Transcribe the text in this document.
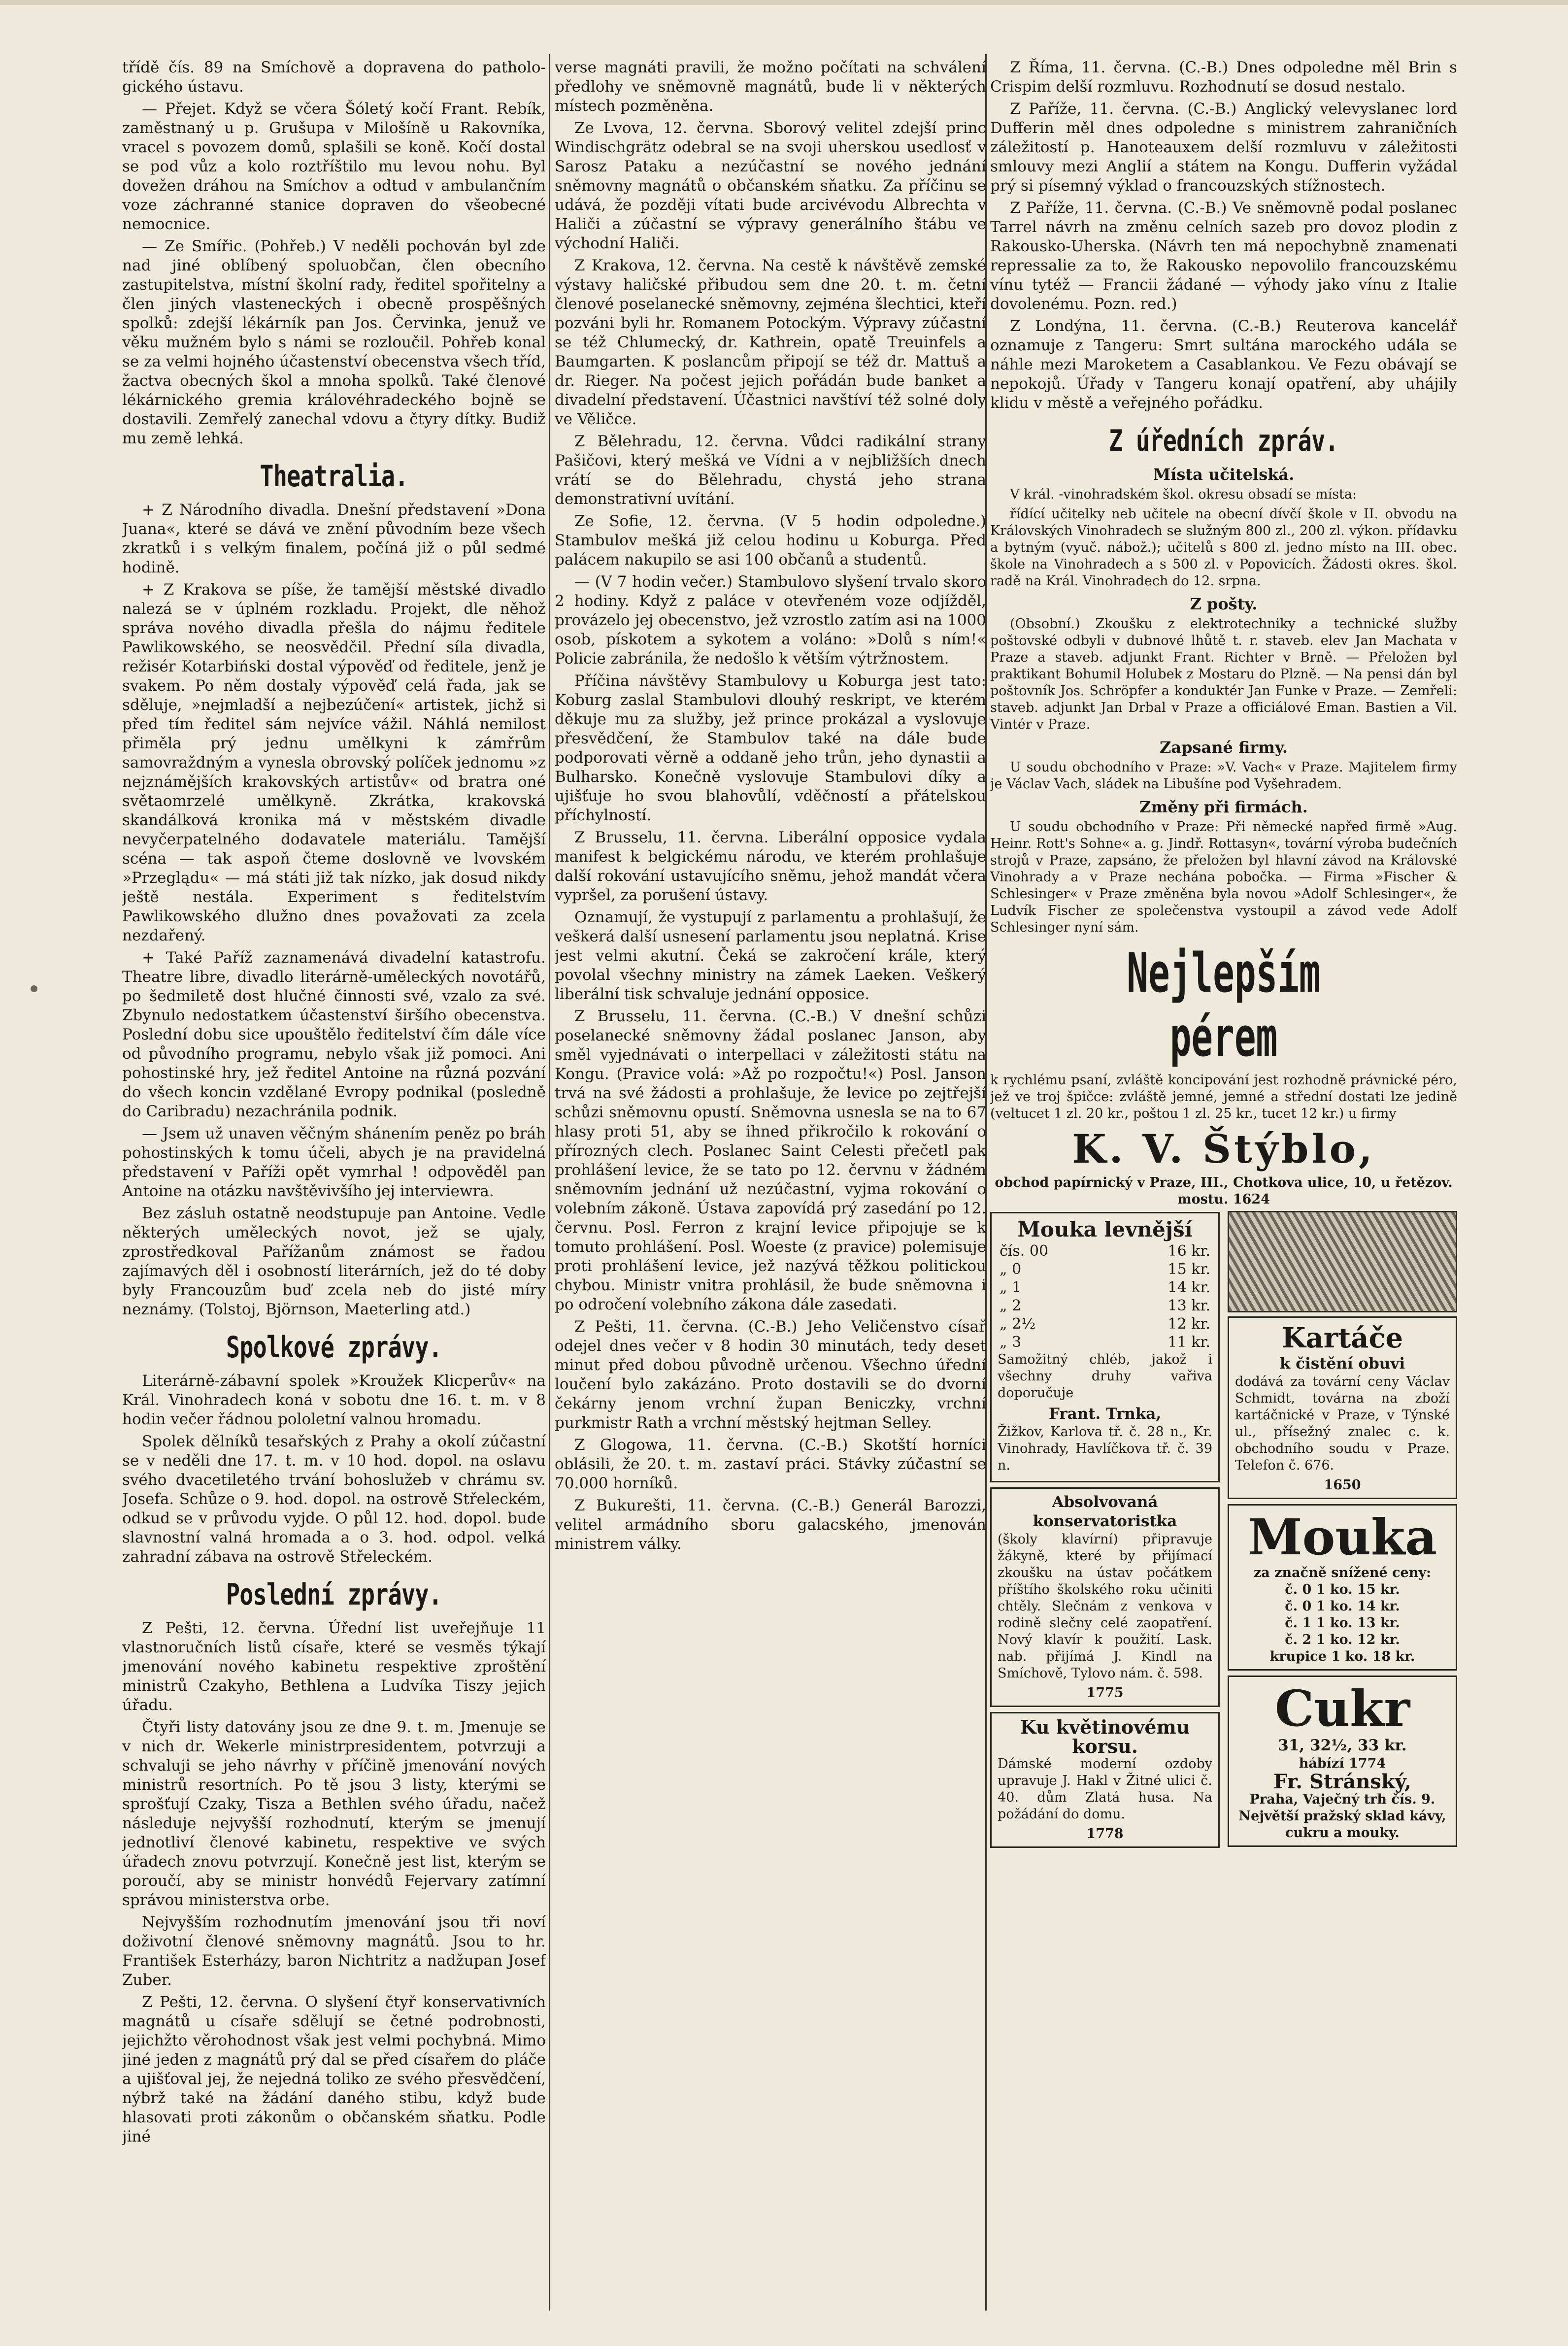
třídě čís. 89 na Smíchově a dopravena do patholo-gického ústavu.

— Přejet. Když se včera Šóletý kočí Frant. Rebík, zaměstnaný u p. Grušupa v Milošíně u Rakovníka, vracel s povozem domů, splašili se koně. Kočí dostal se pod vůz a kolo roztříštilo mu levou nohu. Byl dovežen dráhou na Smíchov a odtud v ambulančním voze záchranné stanice dopraven do všeobecné nemocnice.

— Ze Smířic. (Pohřeb.) V neděli pochován byl zde nad jiné oblíbený spoluobčan, člen obecního zastupitelstva, místní školní rady, ředitel spořitelny a člen jiných vlasteneckých i obecně prospěšných spolků: zdejší lékárník pan Jos. Červinka, jenuž ve věku mužném bylo s námi se rozloučil. Pohřeb konal se za velmi hojného účastenství obecenstva všech tříd, žactva obecných škol a mnoha spolků. Také členové lékárnického gremia královéhradeckého bojně se dostavili. Zemřelý zanechal vdovu a čtyry dítky. Budiž mu země lehká.

Theatralia.

+ Z Národního divadla. Dnešní představení »Dona Juana«, které se dává ve znění původním beze všech zkratků i s velkým finalem, počíná již o půl sedmé hodině.

+ Z Krakova se píše, že tamější městské divadlo nalezá se v úplném rozkladu. Projekt, dle něhož správa nového divadla přešla do nájmu ředitele Pawlikowského, se neosvědčil. Přední síla divadla, režisér Kotarbiński dostal výpověď od ředitele, jenž je svakem. Po něm dostaly výpověď celá řada, jak se sděluje, »nejmladší a nejbezúčení« artistek, jichž si před tím ředitel sám nejvíce vážil. Náhlá nemilost přiměla prý jednu umělkyni k zámřrům samovraždným a vynesla obrovský políček jednomu »z nejznámějších krakovských artistův« od bratra oné světaomrzelé umělkyně. Zkrátka, krakovská skandálková kronika má v městském divadle nevyčerpatelného dodavatele materiálu. Tamější scéna — tak aspoň čteme doslovně ve lvovském »Przeglądu« — má státi již tak nízko, jak dosud nikdy ještě nestála. Experiment s ředitelstvím Pawlikowského dlužno dnes považovati za zcela nezdařený.

+ Také Paříž zaznamenává divadelní katastrofu. Theatre libre, divadlo literárně-uměleckých novotářů, po šedmiletě dost hlučné činnosti své, vzalo za své. Zbynulo nedostatkem účastenství širšího obecenstva. Poslední dobu sice upouštělo ředitelství čím dále více od původního programu, nebylo však již pomoci. Ani pohostinské hry, jež ředitel Antoine na různá pozvání do všech koncin vzdělané Evropy podnikal (posledně do Caribradu) nezachránila podnik.

— Jsem už unaven věčným shánením peněz po bráh pohostinských k tomu účeli, abych je na pravidelná představení v Paříži opět vymrhal ! odpověděl pan Antoine na otázku navštěvivšího jej interviewra.

Bez zásluh ostatně neodstupuje pan Antoine. Vedle některých uměleckých novot, jež se ujaly, zprostředkoval Pařížanům známost se řadou zajímavých děl i osobností literárních, jež do té doby byly Francouzům buď zcela neb do jisté míry neznámy. (Tolstoj, Björnson, Maeterling atd.)

Spolkové zprávy.

Literárně-zábavní spolek »Kroužek Klicperův« na Král. Vinohradech koná v sobotu dne 16. t. m. v 8 hodin večer řádnou pololetní valnou hromadu.

Spolek dělníků tesařských z Prahy a okolí zúčastní se v neděli dne 17. t. m. v 10 hod. dopol. na oslavu svého dvacetiletého trvání bohoslužeb v chrámu sv. Josefa. Schůze o 9. hod. dopol. na ostrově Střeleckém, odkud se v průvodu vyjde. O půl 12. hod. dopol. bude slavnostní valná hromada a o 3. hod. odpol. velká zahradní zábava na ostrově Střeleckém.

Poslední zprávy.

Z Pešti, 12. června. Úřední list uveřejňuje 11 vlastnoručních listů císaře, které se vesměs týkají jmenování nového kabinetu respektive zproštění ministrů Czakyho, Bethlena a Ludvíka Tiszy jejich úřadu.

Čtyři listy datovány jsou ze dne 9. t. m. Jmenuje se v nich dr. Wekerle ministrpresidentem, potvrzuji a schvaluji se jeho návrhy v příčině jmenování nových ministrů resortních. Po tě jsou 3 listy, kterými se sprošťují Czaky, Tisza a Bethlen svého úřadu, načež následuje nejvyšší rozhodnutí, kterým se jmenují jednotliví členové kabinetu, respektive ve svých úřadech znovu potvrzují. Konečně jest list, kterým se poroučí, aby se ministr honvédů Fejervary zatímní správou ministerstva orbe.

Nejvyšším rozhodnutím jmenování jsou tři noví doživotní členové sněmovny magnátů. Jsou to hr. František Esterházy, baron Nichtritz a nadžupan Josef Zuber.

Z Pešti, 12. června. O slyšení čtyř konservativních magnátů u císaře sdělují se četné podrobnosti, jejichžto věrohodnost však jest velmi pochybná. Mimo jiné jeden z magnátů prý dal se před císařem do pláče a ujišťoval jej, že nejedná toliko ze svého přesvědčení, nýbrž také na žádání daného stibu, když bude hlasovati proti zákonům o občanském sňatku. Podle jiné

verse magnáti pravili, že možno počítati na schválení předlohy ve sněmovně magnátů, bude li v některých místech pozměněna.

Ze Lvova, 12. června. Sborový velitel zdejší princ Windischgrätz odebral se na svoji uherskou usedlosť v Sarosz Pataku a nezúčastní se nového jednání sněmovny magnátů o občanském sňatku. Za příčinu se udává, že později vítati bude arcivévodu Albrechta v Haliči a zúčastní se výpravy generálního štábu ve východní Haliči.

Z Krakova, 12. června. Na cestě k návštěvě zemské výstavy haličské přibudou sem dne 20. t. m. četní členové poselanecké sněmovny, zejména šlechtici, kteří pozváni byli hr. Romanem Potockým. Výpravy zúčastní se též Chlumecký, dr. Kathrein, opatě Treuinfels a Baumgarten. K poslancům připojí se též dr. Mattuš a dr. Rieger. Na počest jejich pořádán bude banket a divadelní představení. Účastnici navštíví též solné doly ve Věličce.

Z Bělehradu, 12. června. Vůdci radikální strany Pašičovi, který mešká ve Vídni a v nejbližších dnech vrátí se do Bělehradu, chystá jeho strana demonstrativní uvítání.

Ze Sofie, 12. června. (V 5 hodin odpoledne.) Stambulov mešká již celou hodinu u Koburga. Před palácem nakupilo se asi 100 občanů a studentů.

— (V 7 hodin večer.) Stambulovo slyšení trvalo skoro 2 hodiny. Když z paláce v otevřeném voze odjížděl, provázelo jej obecenstvo, jež vzrostlo zatím asi na 1000 osob, pískotem a sykotem a voláno: »Dolů s ním!« Policie zabránila, že nedošlo k větším výtržnostem.

Příčina návštěvy Stambulovy u Koburga jest tato: Koburg zaslal Stambulovi dlouhý reskript, ve kterém děkuje mu za služby, jež prince prokázal a vyslovuje přesvědčení, že Stambulov také na dále bude podporovati věrně a oddaně jeho trůn, jeho dynastii a Bulharsko. Konečně vyslovuje Stambulovi díky a ujišťuje ho svou blahovůlí, vděčností a přátelskou příchylností.

Z Brusselu, 11. června. Liberální opposice vydala manifest k belgickému národu, ve kterém prohlašuje další rokování ustavujícího sněmu, jehož mandát včera vypršel, za porušení ústavy.

Oznamují, že vystupují z parlamentu a prohlašují, že veškerá další usnesení parlamentu jsou neplatná. Krise jest velmi akutní. Čeká se zakročení krále, který povolal všechny ministry na zámek Laeken. Veškerý liberální tisk schvaluje jednání opposice.

Z Brusselu, 11. června. (C.-B.) V dnešní schůzi poselanecké sněmovny žádal poslanec Janson, aby směl vyjednávati o interpellaci v záležitosti státu na Kongu. (Pravice volá: »Až po rozpočtu!«) Posl. Janson trvá na své žádosti a prohlašuje, že levice po zejtřejší schůzi sněmovnu opustí. Sněmovna usnesla se na to 67 hlasy proti 51, aby se ihned přikročilo k rokování o přírozných clech. Poslanec Saint Celesti přečetl pak prohlášení levice, že se tato po 12. červnu v žádném sněmovním jednání už nezúčastní, vyjma rokování o volebním zákoně. Ústava zapovídá prý zasedání po 12. červnu. Posl. Ferron z krajní levice připojuje se k tomuto prohlášení. Posl. Woeste (z pravice) polemisuje proti prohlášení levice, jež nazývá těžkou politickou chybou. Ministr vnitra prohlásil, že bude sněmovna i po odročení volebního zákona dále zasedati.

Z Pešti, 11. června. (C.-B.) Jeho Veličenstvo císař odejel dnes večer v 8 hodin 30 minutách, tedy deset minut před dobou původně určenou. Všechno úřední loučení bylo zakázáno. Proto dostavili se do dvorní čekárny jenom vrchní župan Beniczky, vrchní purkmistr Rath a vrchní městský hejtman Selley.

Z Glogowa, 11. června. (C.-B.) Skotští horníci oblásili, že 20. t. m. zastaví práci. Stávky zúčastní se 70.000 horníků.

Z Bukurešti, 11. června. (C.-B.) Generál Barozzi, velitel armádního sboru galacského, jmenován ministrem války.

Z Říma, 11. června. (C.-B.) Dnes odpoledne měl Brin s Crispim delší rozmluvu. Rozhodnutí se dosud nestalo.

Z Paříže, 11. června. (C.-B.) Anglický velevyslanec lord Dufferin měl dnes odpoledne s ministrem zahraničních záležitostí p. Hanoteauxem delší rozmluvu v záležitosti smlouvy mezi Anglií a státem na Kongu. Dufferin vyžádal prý si písemný výklad o francouzských stížnostech.

Z Paříže, 11. června. (C.-B.) Ve sněmovně podal poslanec Tarrel návrh na změnu celních sazeb pro dovoz plodin z Rakousko-Uherska. (Návrh ten má nepochybně znamenati repressalie za to, že Rakousko nepovolilo francouzskému vínu tytéž — Francii žádané — výhody jako vínu z Italie dovolenému. Pozn. red.)

Z Londýna, 11. června. (C.-B.) Reuterova kancelář oznamuje z Tangeru: Smrt sultána marockého udála se náhle mezi Maroketem a Casablankou. Ve Fezu obávají se nepokojů. Úřady v Tangeru konají opatření, aby uhájily klidu v městě a veřejného pořádku.

Z úředních zpráv.
Místa učitelská.

V král. -vinohradském škol. okresu obsadí se místa:

řídící učitelky neb učitele na obecní dívčí škole v II. obvodu na Královských Vinohradech se služným 800 zl., 200 zl. výkon. přídavku a bytným (vyuč. nábož.); učitelů s 800 zl. jedno místo na III. obec. škole na Vinohradech a s 500 zl. v Popovicích. Žádosti okres. škol. radě na Král. Vinohradech do 12. srpna.

Z pošty.

(Obsobní.) Zkoušku z elektrotechniky a technické služby poštovské odbyli v dubnové lhůtě t. r. staveb. elev Jan Machata v Praze a staveb. adjunkt Frant. Richter v Brně. — Přeložen byl praktikant Bohumil Holubek z Mostaru do Plzně. — Na pensi dán byl poštovník Jos. Schröpfer a konduktér Jan Funke v Praze. — Zemřeli: staveb. adjunkt Jan Drbal v Praze a officiálové Eman. Bastien a Vil. Vintér v Praze.

Zapsané firmy.

U soudu obchodního v Praze: »V. Vach« v Praze. Majitelem firmy je Václav Vach, sládek na Libušíne pod Vyšehradem.

Změny při firmách.

U soudu obchodního v Praze: Při německé napřed firmě »Aug. Heinr. Rott's Sohne« a. g. Jindř. Rottasyn«, tovární výroba budečních strojů v Praze, zapsáno, že přeložen byl hlavní závod na Královské Vinohrady a v Praze nechána pobočka. — Firma »Fischer & Schlesinger« v Praze změněna byla novou »Adolf Schlesinger«, že Ludvík Fischer ze společenstva vystoupil a závod vede Adolf Schlesinger nyní sám.

Nejlepším pérem

k rychlému psaní, zvláště koncipování jest rozhodně právnické péro, jež ve troj špičce: zvláště jemné, jemné a střední dostati lze jedině (veltucet 1 zl. 20 kr., poštou 1 zl. 25 kr., tucet 12 kr.) u firmy

K. V. Štýblo,
obchod papírnický v Praze, III., Chotkova ulice, 10, u řetězov. mostu. 1624
Mouka levnější
čís. 00	16 kr.
„ 0	15 kr.
„ 1	14 kr.
„ 2	13 kr.
„ 2½	12 kr.
„ 3	11 kr.

Samožitný chléb, jakož i všechny druhy vařiva doporučuje

Frant. Trnka,

Žižkov, Karlova tř. č. 28 n., Kr. Vinohrady, Havlíčkova tř. č. 39 n.

Absolvovaná konservatoristka

(školy klavírní) připravuje žákyně, které by přijímací zkoušku na ústav počátkem příštího školského roku učiniti chtěly. Slečnám z venkova v rodině slečny celé zaopatření. Nový klavír k použití. Lask. nab. přijímá J. Kindl na Smíchově, Tylovo nám. č. 598.

1775
Ku květinovému korsu.

Dámské moderní ozdoby upravuje J. Hakl v Žitné ulici č. 40. dům Zlatá husa. Na požádání do domu.

1778
Kartáče
k čistění obuvi

dodává za tovární ceny Václav Schmidt, továrna na zboží kartáčnické v Praze, v Týnské ul., přísežný znalec c. k. obchodního soudu v Praze. Telefon č. 676.

1650
Mouka
za značně snížené ceny:
č. 0 1 ko. 15 kr.
č. 0 1 ko. 14 kr.
č. 1 1 ko. 13 kr.
č. 2 1 ko. 12 kr.
krupice 1 ko. 18 kr.
Cukr
31, 32½, 33 kr.
hábízí 1774
Fr. Stránský,
Praha, Vaječný trh čís. 9.
Největší pražský sklad kávy, cukru a mouky.
